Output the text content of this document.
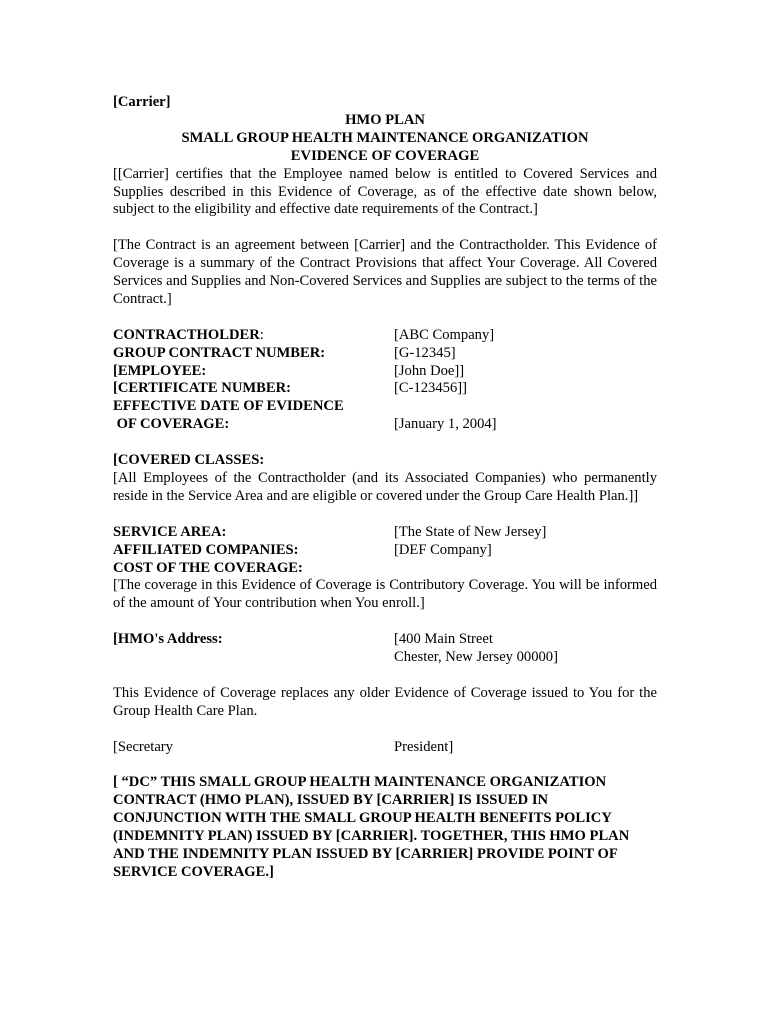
[Carrier]

HMO PLAN

SMALL GROUP HEALTH MAINTENANCE ORGANIZATION

EVIDENCE OF COVERAGE

[[Carrier] certifies that the Employee named below is entitled to Covered Services and Supplies described in this Evidence of Coverage, as of the effective date shown below, subject to the eligibility and effective date requirements of the Contract.]

[The Contract is an agreement between [Carrier] and the Contractholder. This Evidence of Coverage is a summary of the Contract Provisions that affect Your Coverage. All Covered Services and Supplies and Non-Covered Services and Supplies are subject to the terms of the Contract.]

CONTRACTHOLDER:	[ABC Company]
GROUP CONTRACT NUMBER:	[G-12345]
[EMPLOYEE:	[John Doe]]
[CERTIFICATE NUMBER:	[C-123456]]
EFFECTIVE DATE OF EVIDENCE
OF COVERAGE:	[January 1, 2004]

[COVERED CLASSES:

[All Employees of the Contractholder (and its Associated Companies) who permanently reside in the Service Area and are eligible or covered under the Group Care Health Plan.]]

SERVICE AREA:	[The State of New Jersey]
AFFILIATED COMPANIES:	[DEF Company]

COST OF THE COVERAGE:

[The coverage in this Evidence of Coverage is Contributory Coverage. You will be informed of the amount of Your contribution when You enroll.]

[HMO's Address:	[400 Main Street
Chester, New Jersey 00000]

This Evidence of Coverage replaces any older Evidence of Coverage issued to You for the Group Health Care Plan.

[Secretary	President]
[ “DC” THIS SMALL GROUP HEALTH MAINTENANCE ORGANIZATION
CONTRACT (HMO PLAN), ISSUED BY [CARRIER] IS ISSUED IN
CONJUNCTION WITH THE SMALL GROUP HEALTH BENEFITS POLICY
(INDEMNITY PLAN) ISSUED BY [CARRIER]. TOGETHER, THIS HMO PLAN
AND THE INDEMNITY PLAN ISSUED BY [CARRIER] PROVIDE POINT OF
SERVICE COVERAGE.]
